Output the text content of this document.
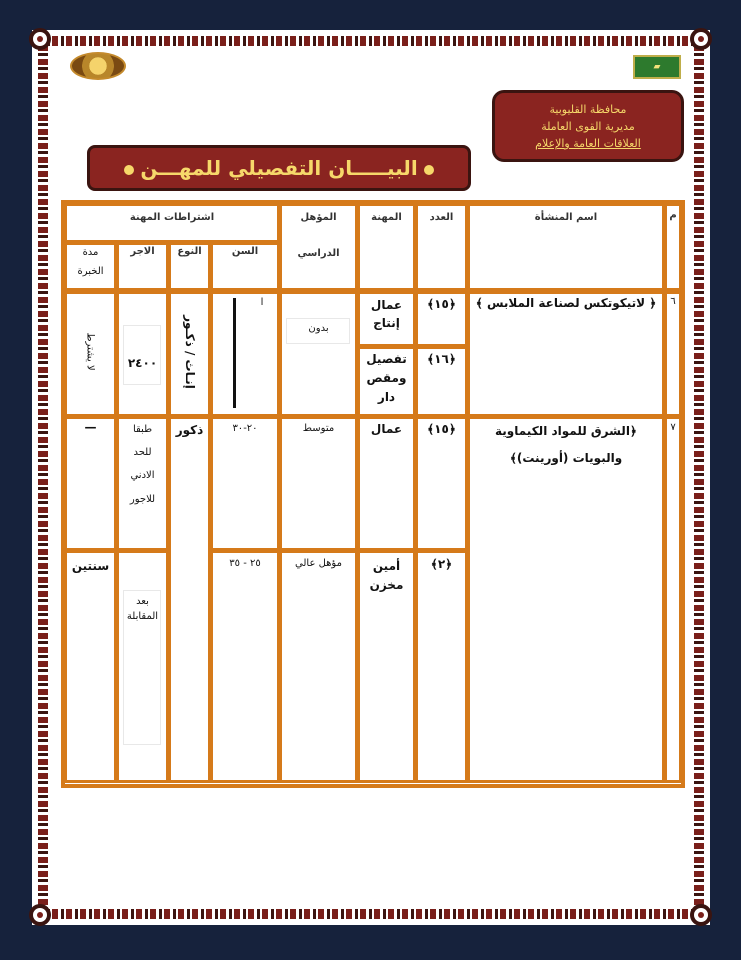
▰
محافظة القليوبية
مديرية القوى العاملة
العلاقات العامة والإعلام
البيـــــان التفصيلي للمهـــن
م
اسم المنشأة
العدد
المهنة
المؤهل
الدراسي
اشتراطات المهنة
السن
النوع
الاجر
مدة
الخبرة
٦
﴿ لاتيكوتكس لصناعة الملابس ﴾
﴿١٥﴾
﴿١٦﴾
عمال
إنتاج
تفصيل
ومقص
دار
بدون
ا
إنـاث / ذكـور
٢٤٠٠
لا يشترط
٧
﴿الشرق للمواد الكيماوية
والبويات (أورينت)﴾
﴿١٥﴾
﴿٢﴾
عمال
أمين
مخزن
متوسط
مؤهل عالي
٢٠-٣٠
٢٥ - ٣٥
ذكور
طبقا
للحد
الادني
للاجور
بعد
المقابلة
—
سنتين
